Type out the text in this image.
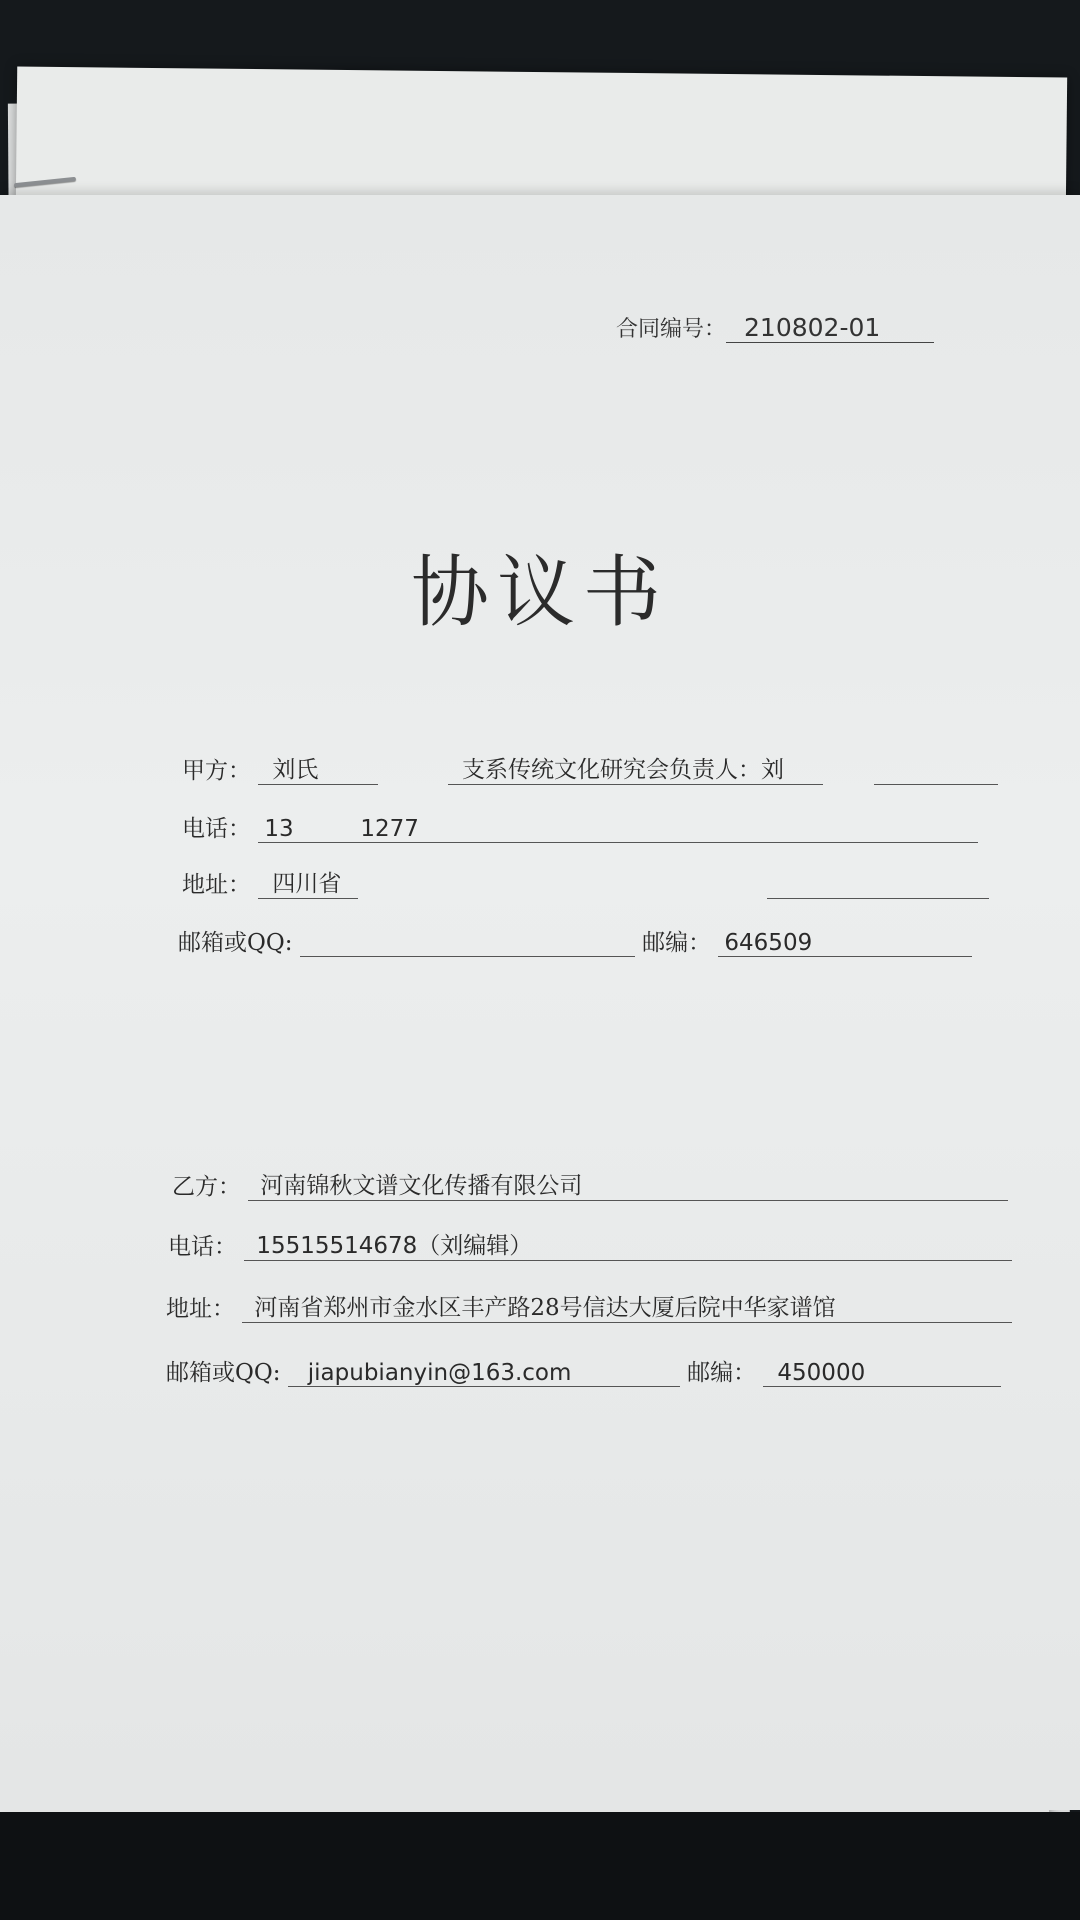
合同编号： 210802-01
协议书
甲方： 刘氏
	支系传统文化研究会负责人：刘

电话： 13	1277
地址： 四川省

邮箱或QQ:	邮编： 646509
乙方： 河南锦秋文谱文化传播有限公司
电话： 15515514678（刘编辑）
地址： 河南省郑州市金水区丰产路28号信达大厦后院中华家谱馆
邮箱或QQ: jiapubianyin@163.com	邮编： 450000
